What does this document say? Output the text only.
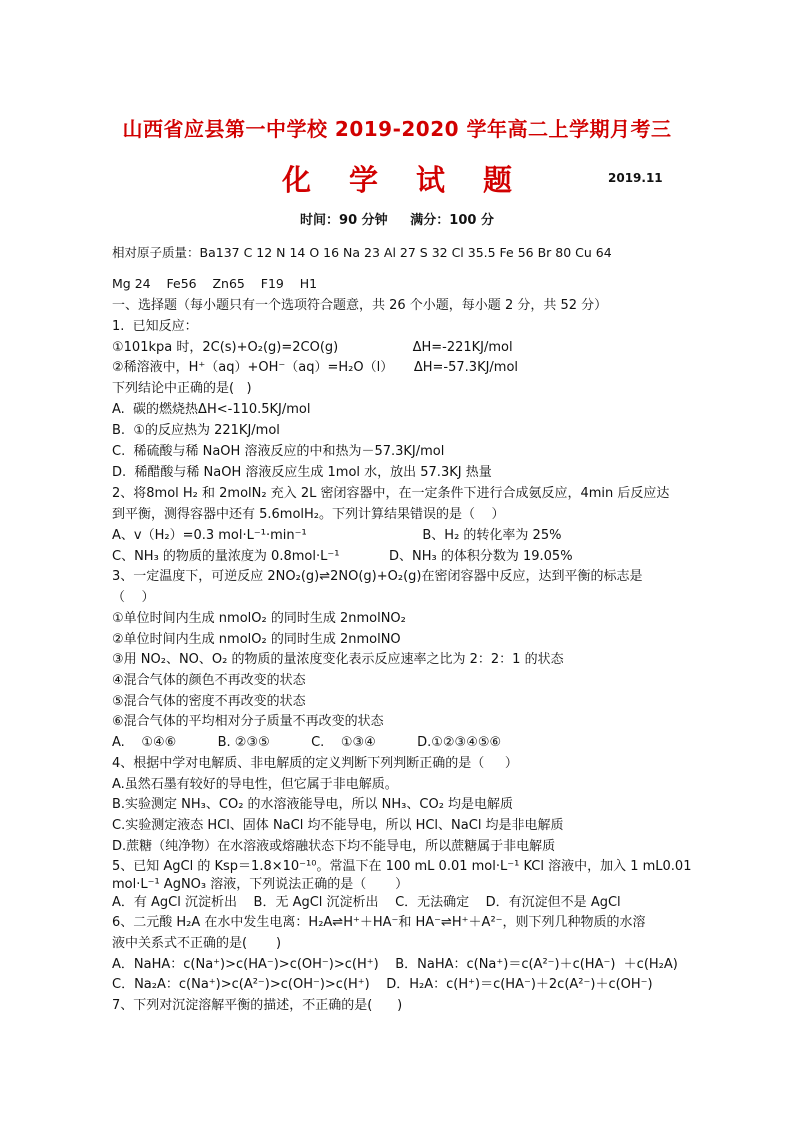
山西省应县第一中学校 2019-2020 学年高二上学期月考三
化学试题	2019.11
时间：90 分钟     满分：100 分
相对原子质量：Ba137 C 12 N 14 O 16 Na 23 Al 27 S 32 Cl 35.5 Fe 56 Br 80 Cu 64
Mg 24    Fe56    Zn65    F19    H1
一、选择题（每小题只有一个选项符合题意，共 26 个小题，每小题 2 分，共 52 分）
1.  已知反应：
①101kpa 时，2C(s)+O₂(g)=2CO(g)                  ΔH=-221KJ/mol
②稀溶液中，H⁺（aq）+OH⁻（aq）=H₂O（l）     ΔH=-57.3KJ/mol
下列结论中正确的是(   )
A.  碳的燃烧热ΔH<-110.5KJ/mol
B.  ①的反应热为 221KJ/mol
C.  稀硫酸与稀 NaOH 溶液反应的中和热为－57.3KJ/mol
D.  稀醋酸与稀 NaOH 溶液反应生成 1mol 水，放出 57.3KJ 热量
2、将8mol H₂ 和 2molN₂ 充入 2L 密闭容器中，在一定条件下进行合成氨反应，4min 后反应达
到平衡，测得容器中还有 5.6molH₂。下列计算结果错误的是（    ）
A、v（H₂）=0.3 mol·L⁻¹·min⁻¹                            B、H₂ 的转化率为 25%
C、NH₃ 的物质的量浓度为 0.8mol·L⁻¹            D、NH₃ 的体积分数为 19.05%
3、一定温度下，可逆反应 2NO₂(g)⇌2NO(g)+O₂(g)在密闭容器中反应，达到平衡的标志是
（    ）
①单位时间内生成 nmolO₂ 的同时生成 2nmolNO₂
②单位时间内生成 nmolO₂ 的同时生成 2nmolNO
③用 NO₂、NO、O₂ 的物质的量浓度变化表示反应速率之比为 2：2：1 的状态
④混合气体的颜色不再改变的状态
⑤混合气体的密度不再改变的状态
⑥混合气体的平均相对分子质量不再改变的状态
A.    ①④⑥          B. ②③⑤          C.    ①③④          D.①②③④⑤⑥
4、根据中学对电解质、非电解质的定义判断下列判断正确的是（     ）
A.虽然石墨有较好的导电性，但它属于非电解质。
B.实验测定 NH₃、CO₂ 的水溶液能导电，所以 NH₃、CO₂ 均是电解质
C.实验测定液态 HCl、固体 NaCl 均不能导电，所以 HCl、NaCl 均是非电解质
D.蔗糖（纯净物）在水溶液或熔融状态下均不能导电，所以蔗糖属于非电解质
5、已知 AgCl 的 Ksp＝1.8×10⁻¹⁰。常温下在 100 mL 0.01 mol·L⁻¹ KCl 溶液中，加入 1 mL0.01
mol·L⁻¹ AgNO₃ 溶液，下列说法正确的是（       ）
A．有 AgCl 沉淀析出    B．无 AgCl 沉淀析出    C．无法确定    D．有沉淀但不是 AgCl
6、二元酸 H₂A 在水中发生电离：H₂A⇌H⁺＋HA⁻和 HA⁻⇌H⁺＋A²⁻，则下列几种物质的水溶
液中关系式不正确的是(       )
A．NaHA：c(Na⁺)>c(HA⁻)>c(OH⁻)>c(H⁺)    B．NaHA：c(Na⁺)＝c(A²⁻)＋c(HA⁻)  ＋c(H₂A)
C．Na₂A：c(Na⁺)>c(A²⁻)>c(OH⁻)>c(H⁺)    D．H₂A：c(H⁺)＝c(HA⁻)＋2c(A²⁻)＋c(OH⁻)
7、下列对沉淀溶解平衡的描述，不正确的是(      )
